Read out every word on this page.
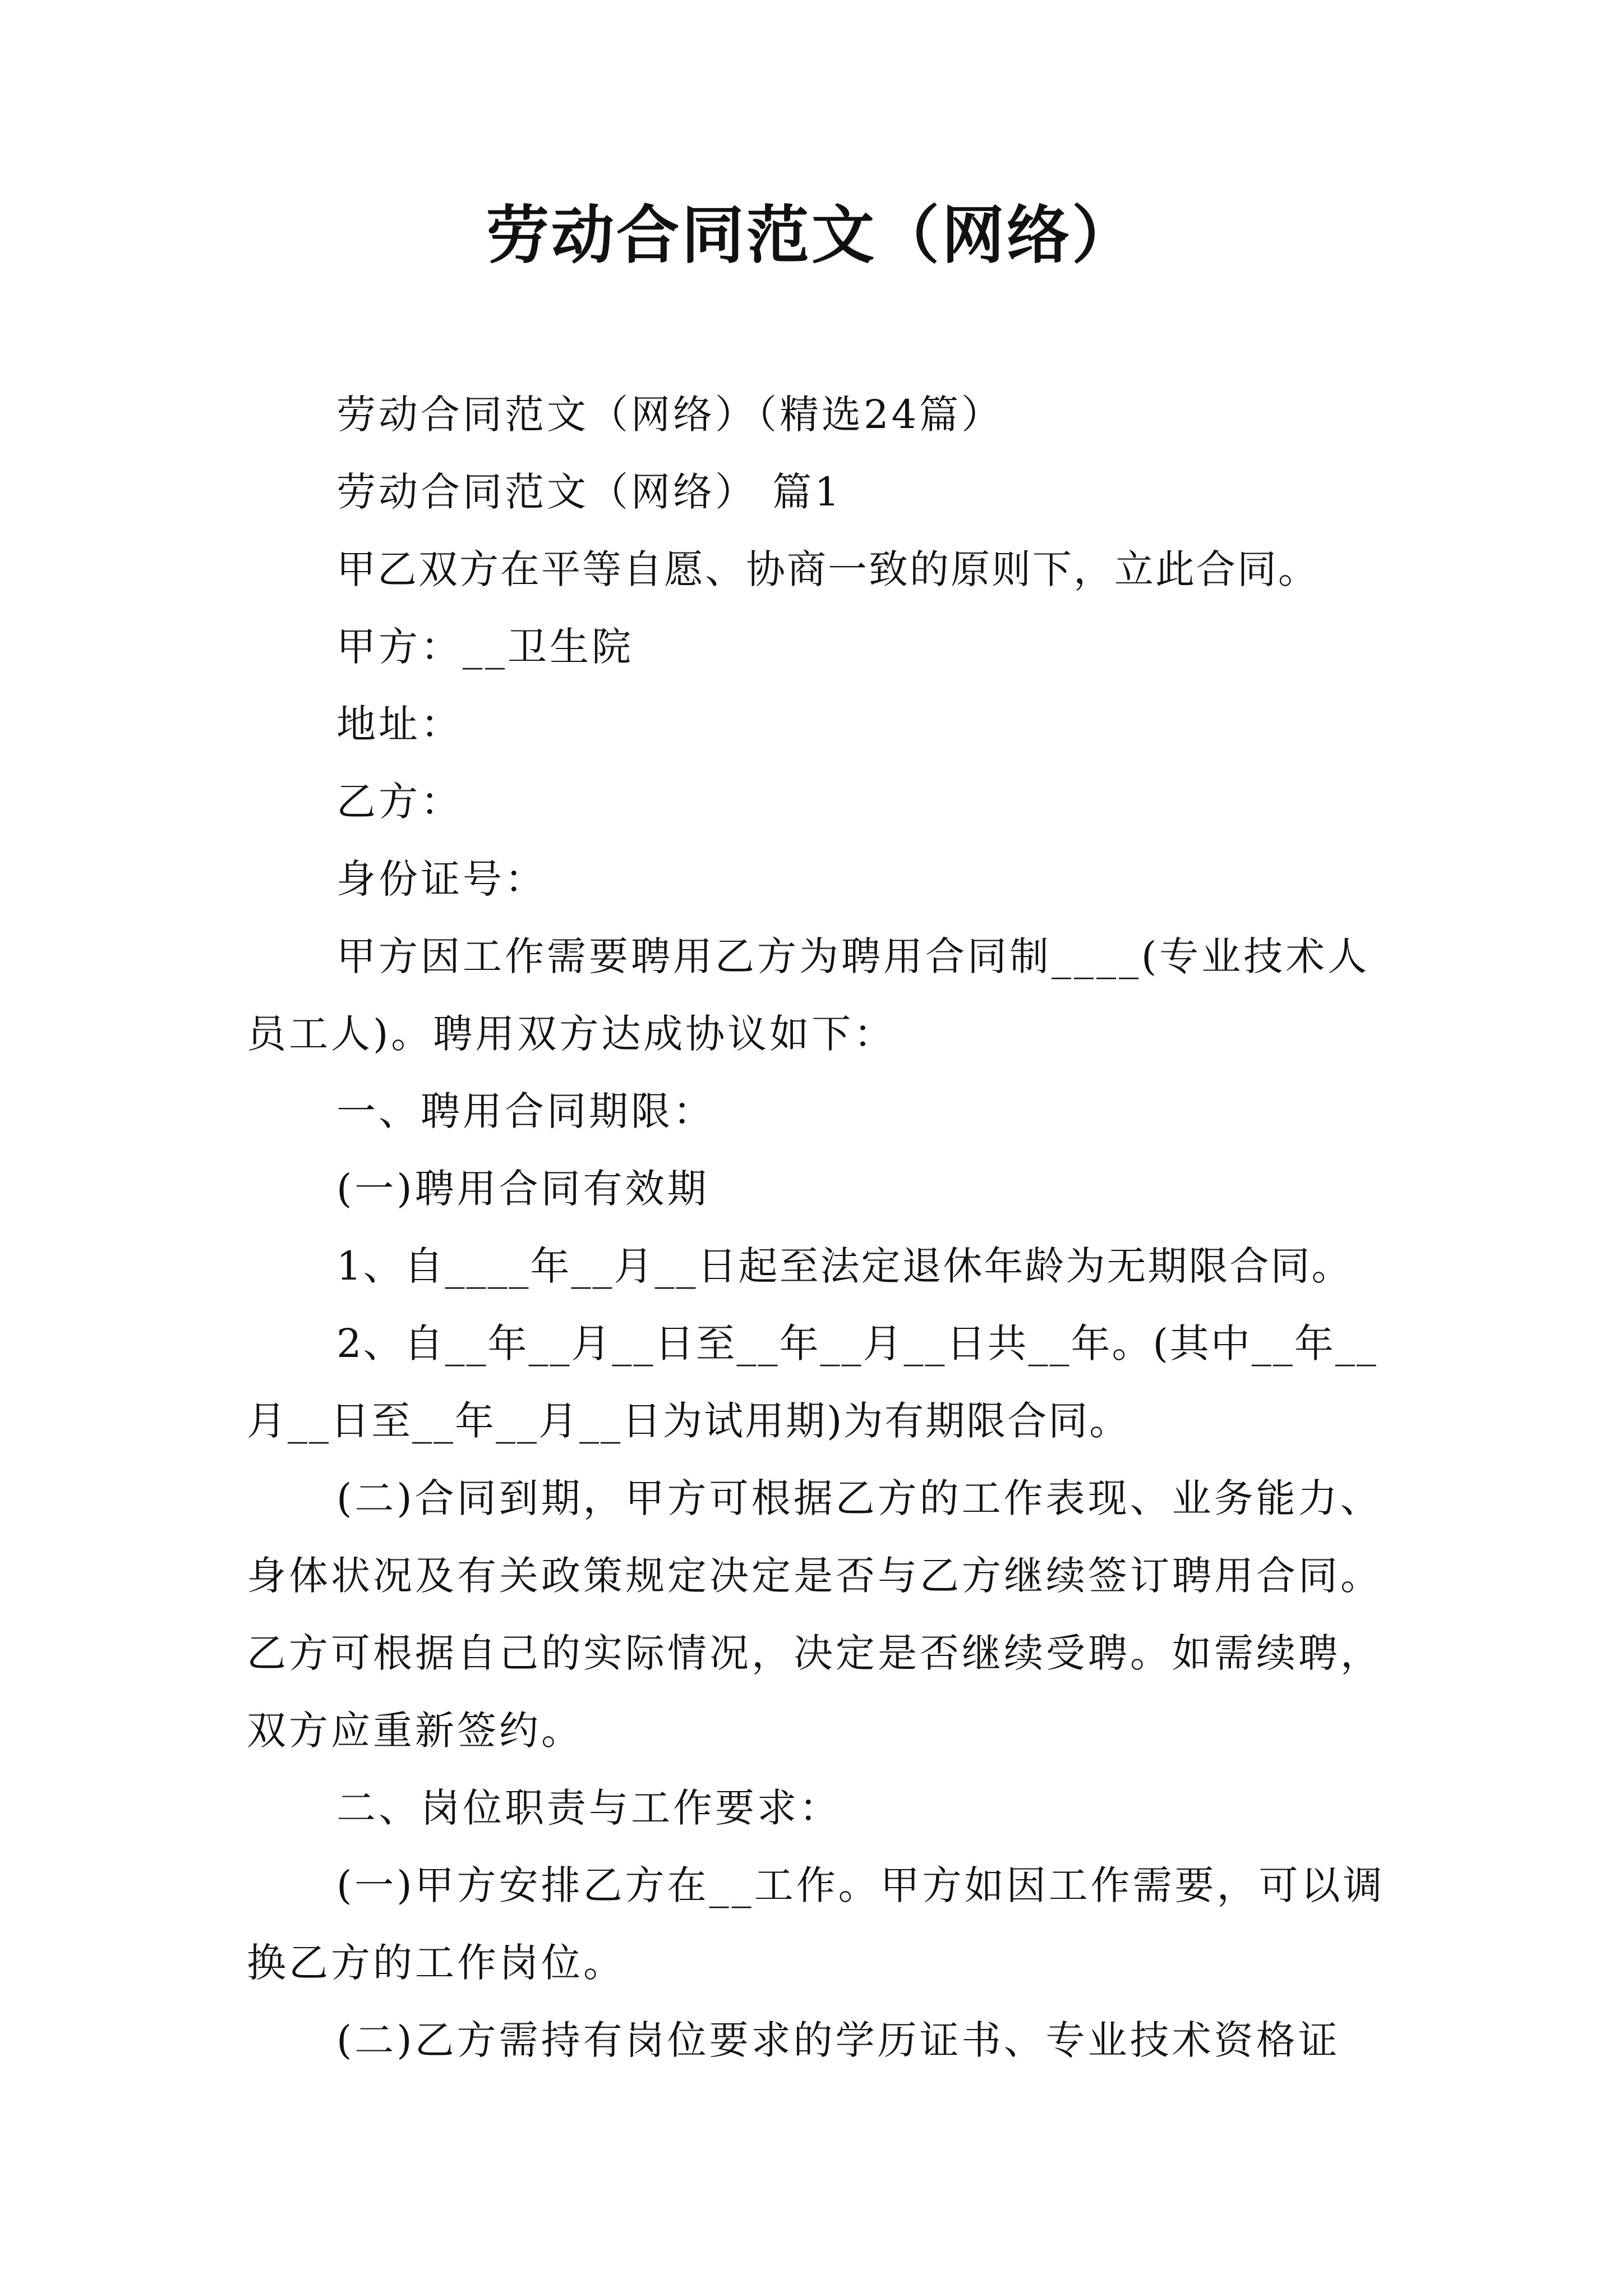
劳动合同范文（网络）
劳动合同范文（网络）（精选24篇）
劳动合同范文（网络） 篇1
甲乙双方在平等自愿、协商一致的原则下，立此合同。
甲方：__卫生院
地址：
乙方：
身份证号：
甲方因工作需要聘用乙方为聘用合同制____(专业技术人员工人)。聘用双方达成协议如下：
一、聘用合同期限：
(一)聘用合同有效期
1、自____年__月__日起至法定退休年龄为无期限合同。
2、自__年__月__日至__年__月__日共__年。(其中__年__月__日至__年__月__日为试用期)为有期限合同。
(二)合同到期，甲方可根据乙方的工作表现、业务能力、身体状况及有关政策规定决定是否与乙方继续签订聘用合同。乙方可根据自己的实际情况，决定是否继续受聘。如需续聘，双方应重新签约。
二、岗位职责与工作要求：
(一)甲方安排乙方在__工作。甲方如因工作需要，可以调换乙方的工作岗位。
(二)乙方需持有岗位要求的学历证书、专业技术资格证
